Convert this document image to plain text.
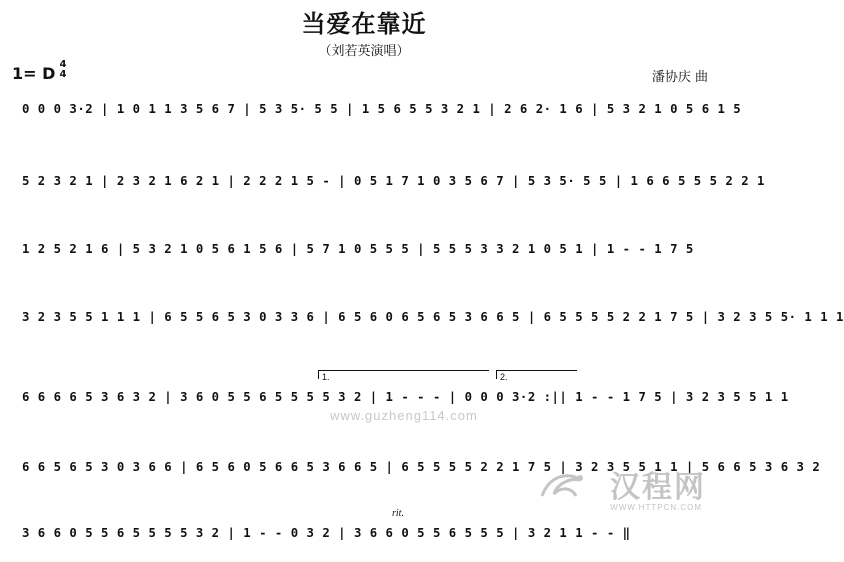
当爱在靠近
（刘若英演唱）
1= D 4
4	潘协庆 曲
0 0 0 3·2 | 1 0 1 1 3 5 6 7 | 5 3 5· 5 5 | 1 5 6 5 5 3 2 1 | 2 6 2· 1 6 | 5 3 2 1 0 5 6 1 5
5 2 3 2 1 | 2 3 2 1 6 2 1 | 2 2 2 1 5 - | 0 5 1 7 1 0 3 5 6 7 | 5 3 5· 5 5 | 1 6 6 5 5 5 2 2 1
1 2 5 2 1 6 | 5 3 2 1 0 5 6 1 5 6 | 5 7 1 0 5 5 5 | 5 5 5 3 3 2 1 0 5 1 | 1 - - 1 7 5
3 2 3 5 5 1 1 1 | 6 5 5 6 5 3 0 3 3 6 | 6 5 6 0 6 5 6 5 3 6 6 5 | 6 5 5 5 5 2 2 1 7 5 | 3 2 3 5 5· 1 1 1
6 6 6 6 5 3 6 3 2 | 3 6 0 5 5 6 5 5 5 5 3 2 | 1 - - - | 0 0 0 3·2 :|| 1 - - 1 7 5 | 3 2 3 5 5 1 1
6 6 5 6 5 3 0 3 6 6 | 6 5 6 0 5 6 6 5 3 6 6 5 | 6 5 5 5 5 2 2 1 7 5 | 3 2 3 5 5 1 1 | 5 6 6 5 3 6 3 2
3 6 6 0 5 5 6 5 5 5 5 3 2 | 1 - - 0 3 2 | 3 6 6 0 5 5 6 5 5 5 | 3 2 1 1 - - ‖
1.	2.
rit.
www.guzheng114.com
汉程网
WWW.HTTPCN.COM
